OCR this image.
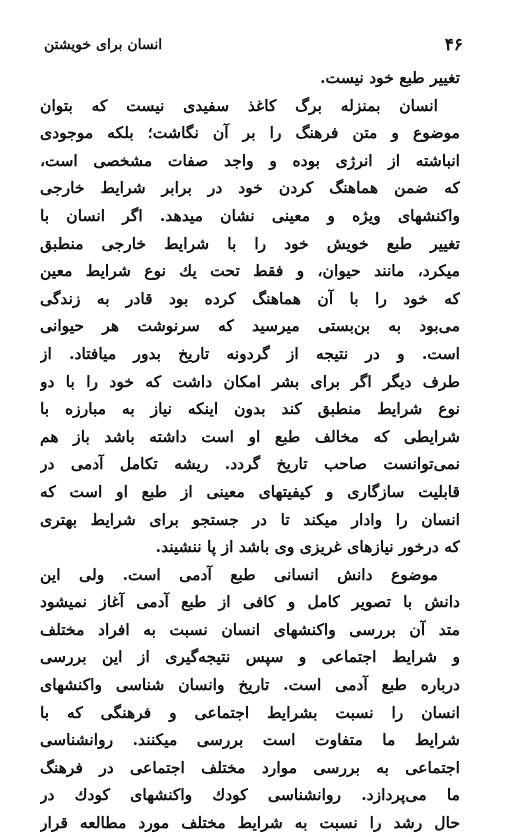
۴۶
انسان برای خویشتن
تغییر طبع خود نیست.
انسان بمنزله برگ کاغذ سفیدی نیست که بتوان
موضوع و متن فرهنگ را بر آن نگاشت؛ بلکه موجودی
انباشته از انرژی بوده و واجد صفات مشخصی است،
که ضمن هماهنگ کردن خود در برابر شرایط خارجی
واکنشهای ویژه و معینی نشان میدهد. اگر انسان با
تغییر طبع خویش خود را با شرایط خارجی منطبق
میکرد، مانند حیوان، و فقط تحت یك نوع شرایط معین
که خود را با آن هماهنگ کرده بود قادر به زندگی
می‌بود به بن‌بستی میرسید که سرنوشت هر حیوانی
است. و در نتیجه از گردونه تاریخ بدور میافتاد. از
طرف دیگر اگر برای بشر امکان داشت که خود را با دو
نوع شرایط منطبق کند بدون اینکه نیاز به مبارزه با
شرایطی که مخالف طبع او است داشته باشد باز هم
نمی‌توانست صاحب تاریخ گردد. ریشه تکامل آدمی در
قابلیت سازگاری و کیفیتهای معینی از طبع او است که
انسان را وادار میکند تا در جستجو برای شرایط بهتری
که درخور نیازهای غریزی وی باشد از پا ننشیند.
موضوع دانش انسانی طبع آدمی است. ولی این
دانش با تصویر کامل و کافی از طبع آدمی آغاز نمیشود
متد آن بررسی واکنشهای انسان نسبت به افراد مختلف
و شرایط اجتماعی و سپس نتیجه‌گیری از این بررسی
درباره طبع آدمی است. تاریخ وانسان شناسی واکنشهای
انسان را نسبت بشرایط اجتماعی و فرهنگی که با
شرایط ما متفاوت است بررسی میکنند. روانشناسی
اجتماعی به بررسی موارد مختلف اجتماعی در فرهنگ
ما می‌پردازد. روانشناسی کودك واکنشهای کودك در
حال رشد را نسبت به شرایط مختلف مورد مطالعه قرار
